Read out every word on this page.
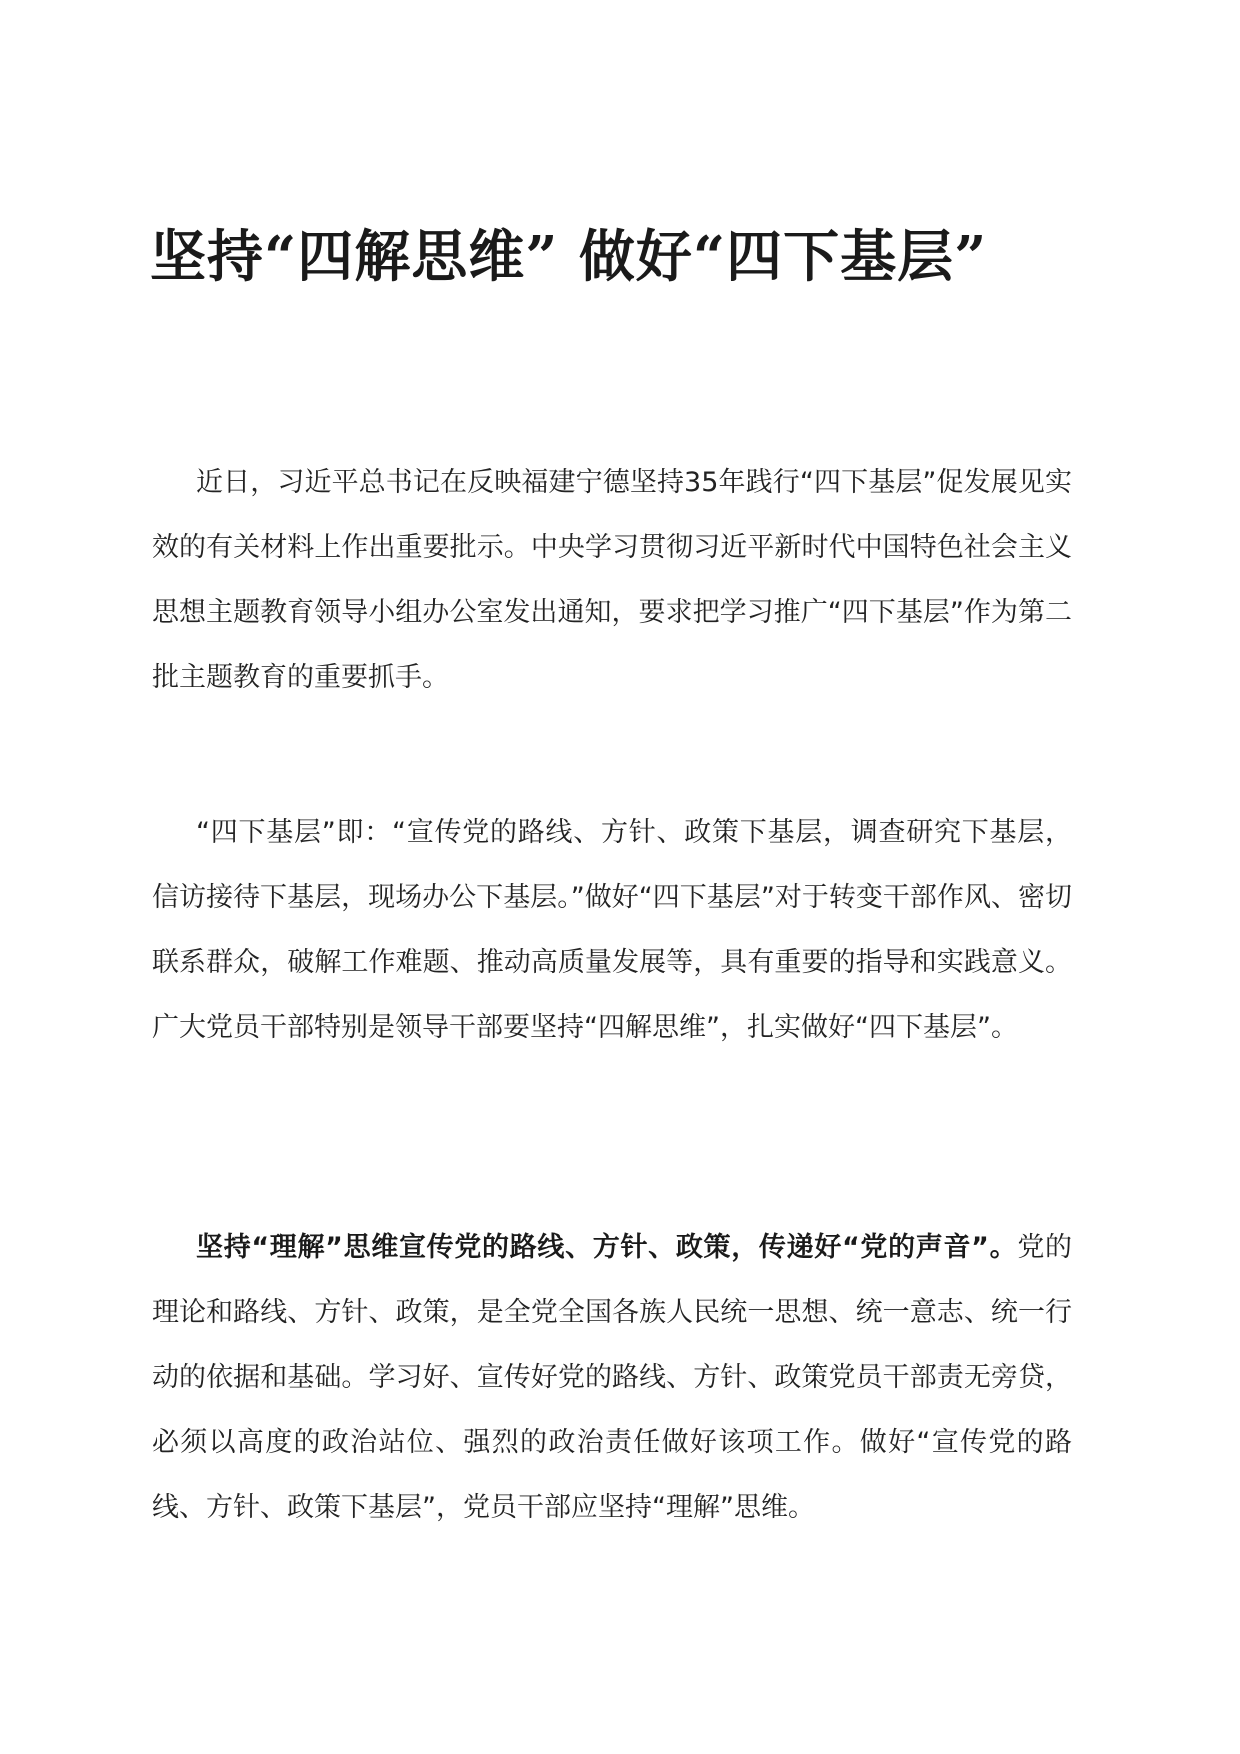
坚持“四解思维” 做好“四下基层”

近日，习近平总书记在反映福建宁德坚持35年践行“四下基层”促发展见实效的有关材料上作出重要批示。中央学习贯彻习近平新时代中国特色社会主义思想主题教育领导小组办公室发出通知，要求把学习推广“四下基层”作为第二批主题教育的重要抓手。

“四下基层”即：“宣传党的路线、方针、政策下基层，调查研究下基层，信访接待下基层，现场办公下基层。”做好“四下基层”对于转变干部作风、密切联系群众，破解工作难题、推动高质量发展等，具有重要的指导和实践意义。广大党员干部特别是领导干部要坚持“四解思维”，扎实做好“四下基层”。

坚持“理解”思维宣传党的路线、方针、政策，传递好“党的声音”。党的理论和路线、方针、政策，是全党全国各族人民统一思想、统一意志、统一行动的依据和基础。学习好、宣传好党的路线、方针、政策党员干部责无旁贷，必须以高度的政治站位、强烈的政治责任做好该项工作。做好“宣传党的路线、方针、政策下基层”，党员干部应坚持“理解”思维。
